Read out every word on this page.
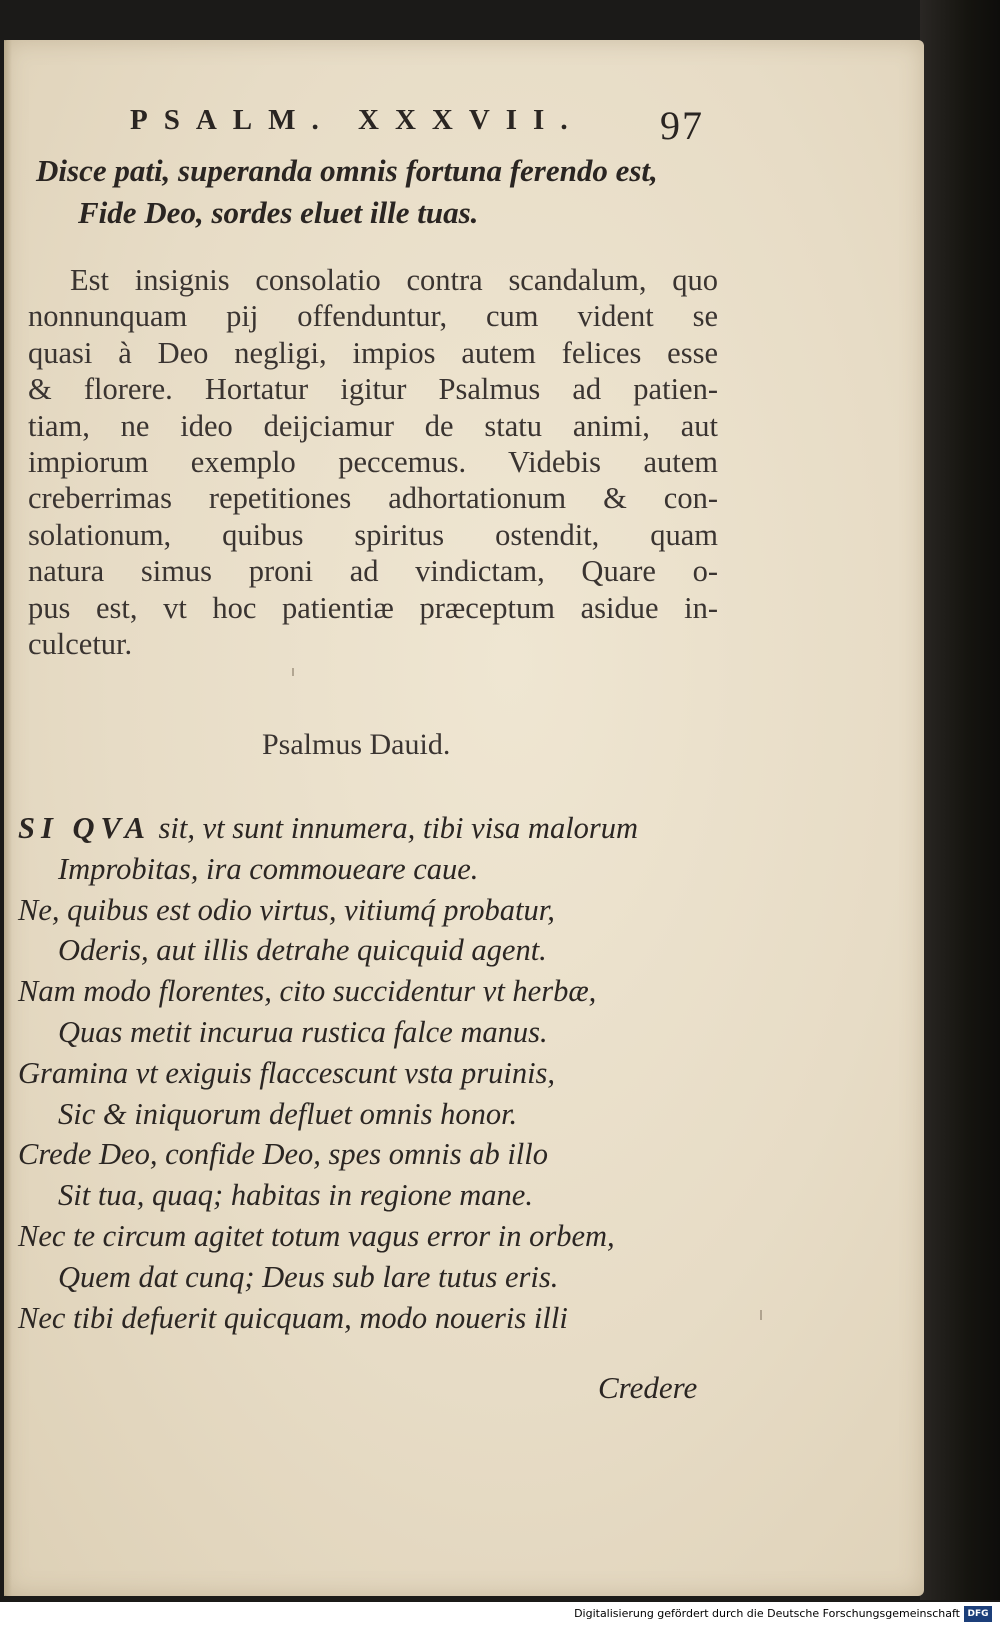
PSALM. XXXVII. 97
Disce pati, superanda omnis fortuna ferendo est,
Fide Deo, sordes eluet ille tuas.
Est insignis consolatio contra scandalum, quo
nonnunquam pij offenduntur, cum vident se
quasi à Deo negligi, impios autem felices esse
& florere. Hortatur igitur Psalmus ad patien-
tiam, ne ideo deijciamur de statu animi, aut
impiorum exemplo peccemus. Videbis autem
creberrimas repetitiones adhortationum & con-
solationum, quibus spiritus ostendit, quam
natura simus proni ad vindictam, Quare o-
pus est, vt hoc patientiæ præceptum asidue in-
culcetur.
Psalmus Dauid.
SI QVA sit, vt sunt innumera, tibi visa malorum
Improbitas, ira commoueare caue.
Ne, quibus est odio virtus, vitiumq́ probatur,
Oderis, aut illis detrahe quicquid agent.
Nam modo florentes, cito succidentur vt herbæ,
Quas metit incurua rustica falce manus.
Gramina vt exiguis flaccescunt vsta pruinis,
Sic & iniquorum defluet omnis honor.
Crede Deo, confide Deo, spes omnis ab illo
Sit tua, quaq; habitas in regione mane.
Nec te circum agitet totum vagus error in orbem,
Quem dat cunq; Deus sub lare tutus eris.
Nec tibi defuerit quicquam, modo noueris illi
Credere
Digitalisierung gefördert durch die Deutsche Forschungsgemeinschaft DFG
